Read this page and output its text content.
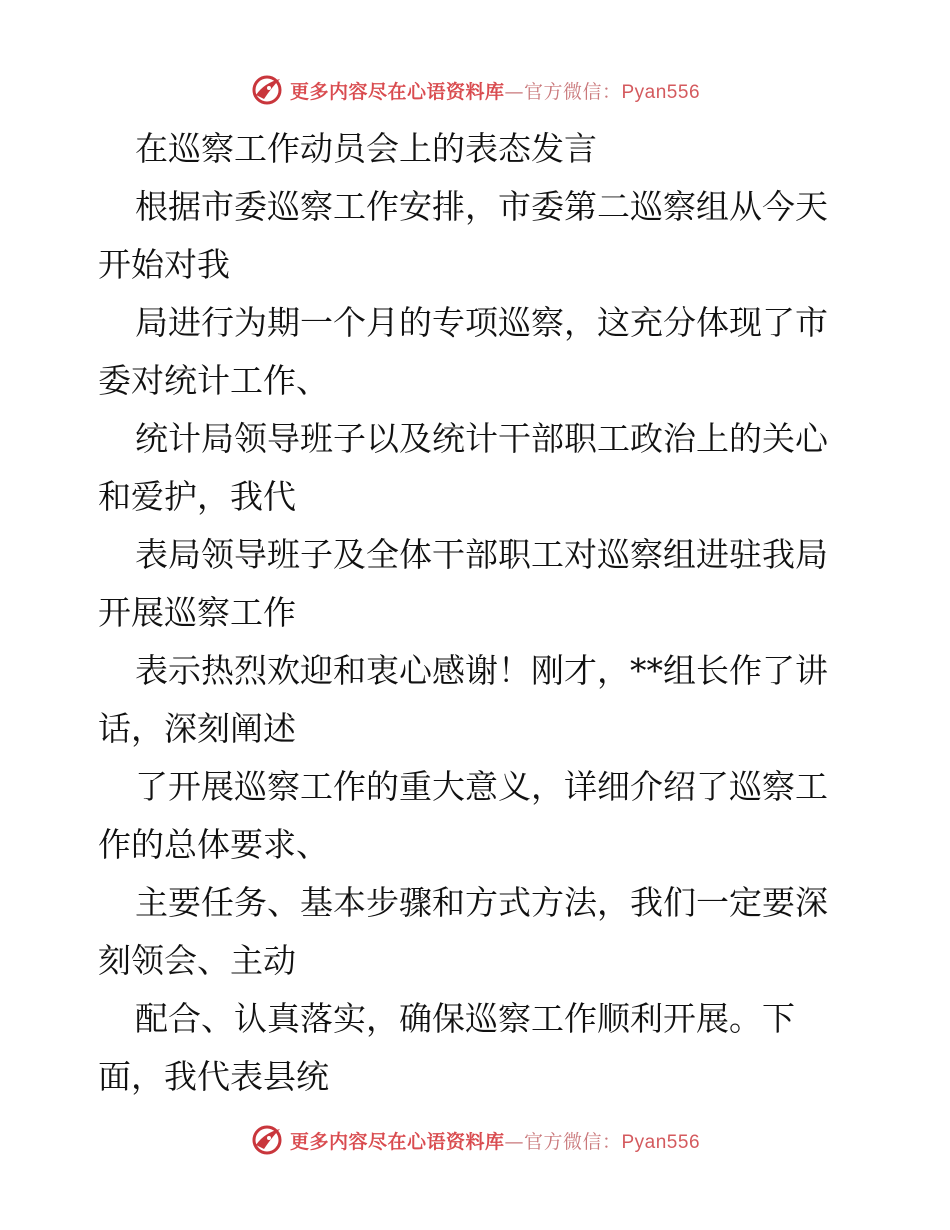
更多内容尽在心语资料库—官方微信：Pyan556

在巡察工作动员会上的表态发言

根据市委巡察工作安排，市委第二巡察组从今天

开始对我

局进行为期一个月的专项巡察，这充分体现了市

委对统计工作、

统计局领导班子以及统计干部职工政治上的关心

和爱护，我代

表局领导班子及全体干部职工对巡察组进驻我局

开展巡察工作

表示热烈欢迎和衷心感谢！刚才，**组长作了讲

话，深刻阐述

了开展巡察工作的重大意义，详细介绍了巡察工

作的总体要求、

主要任务、基本步骤和方式方法，我们一定要深

刻领会、主动

配合、认真落实，确保巡察工作顺利开展。下

面，我代表县统

更多内容尽在心语资料库—官方微信：Pyan556
